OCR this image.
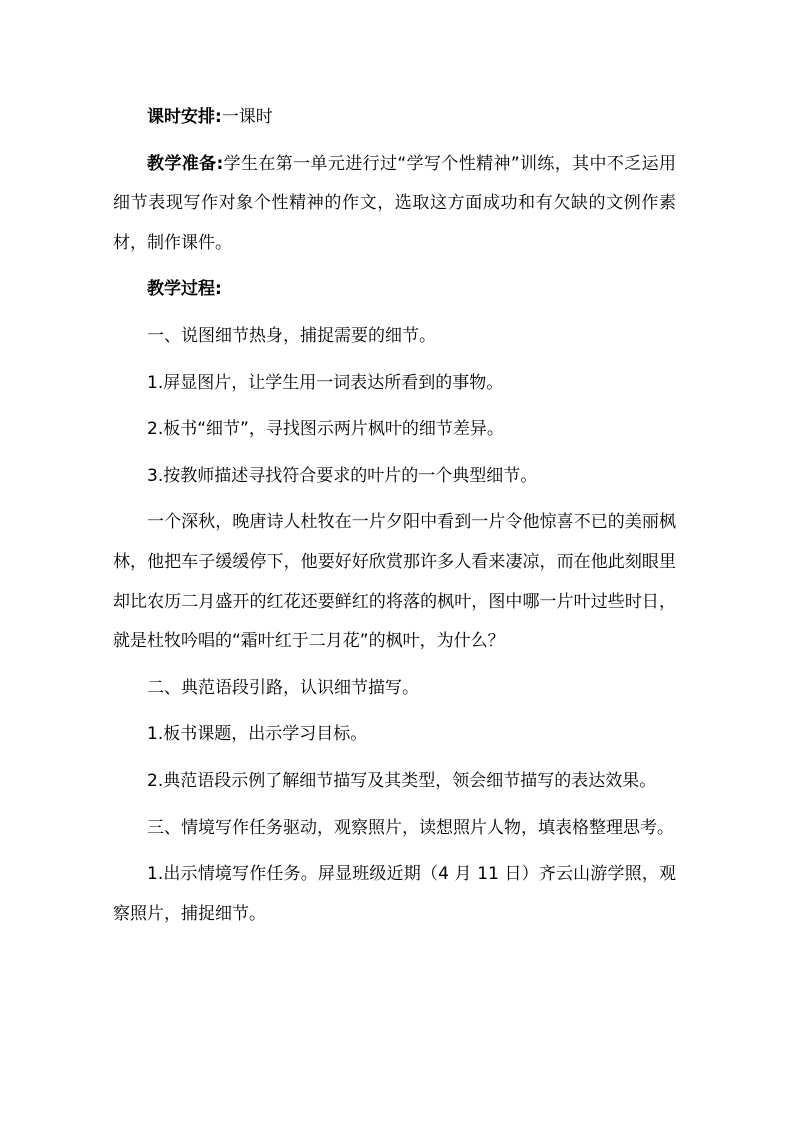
课时安排:一课时

教学准备:学生在第一单元进行过“学写个性精神”训练，其中不乏运用细节表现写作对象个性精神的作文，选取这方面成功和有欠缺的文例作素材，制作课件。

教学过程:

一、说图细节热身，捕捉需要的细节。

1.屏显图片，让学生用一词表达所看到的事物。

2.板书“细节”，寻找图示两片枫叶的细节差异。

3.按教师描述寻找符合要求的叶片的一个典型细节。

一个深秋，晚唐诗人杜牧在一片夕阳中看到一片令他惊喜不已的美丽枫林，他把车子缓缓停下，他要好好欣赏那许多人看来凄凉，而在他此刻眼里却比农历二月盛开的红花还要鲜红的将落的枫叶，图中哪一片叶过些时日，就是杜牧吟唱的“霜叶红于二月花”的枫叶，为什么？

二、典范语段引路，认识细节描写。

1.板书课题，出示学习目标。

2.典范语段示例了解细节描写及其类型，领会细节描写的表达效果。

三、情境写作任务驱动，观察照片，读想照片人物，填表格整理思考。

1.出示情境写作任务。屏显班级近期（4 月 11 日）齐云山游学照，观察照片，捕捉细节。
